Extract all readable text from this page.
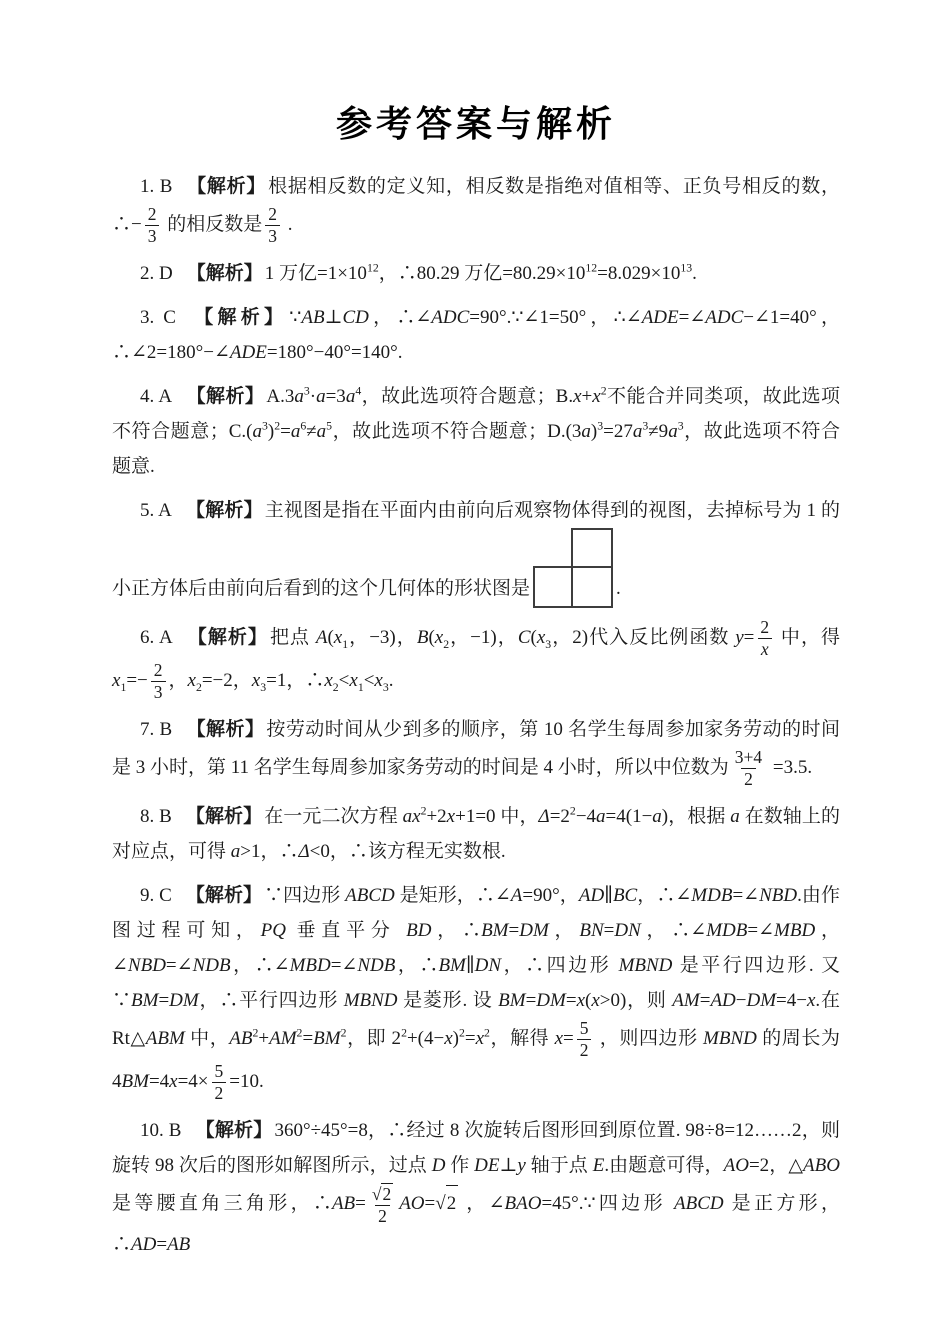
参考答案与解析

1. B 【解析】 根据相反数的定义知，相反数是指绝对值相等、正负号相反的数，∴− $\frac{2}{3}$ 的相反数是 $\frac{2}{3}$ .

2. D 【解析】 1 万亿$=1\times 10^{12}$，∴80.29 万亿$=80.29\times 10^{12}=8.029\times 10^{13}$.

3. C 【解析】 ∵AB⊥CD，∴∠ADC=90°.∵∠1=50°，∴∠ADE=∠ADC−∠1=40°，∴∠2=180°−∠ADE=180°−40°=140°.

4. A 【解析】 $A.3a^3\cdot a=3a^4$，故此选项符合题意；$B.x+x^2$不能合并同类项，故此选项不符合题意；$C.(a^3)^2=a^6\ne a^5$，故此选项不符合题意；$D.(3a)^3=27a^3\ne 9a^3$，故此选项不符合题意.

5. A 【解析】 主视图是指在平面内由前向后观察物体得到的视图，去掉标号为 1 的小正方体后由前向后看到的这个几何体的形状图是	.

6. A 【解析】 把点 $A(x_1$，−3)，$B(x_2$，−1)，$C(x_3$，2)代入反比例函数 $y= \frac{2}{x}$ 中，得 $x_1=- \frac{2}{3}$ ，$x_2=-2$，$x_3=1$，$\therefore x_2<x_1<x_3$.

7. B 【解析】 按劳动时间从少到多的顺序，第 10 名学生每周参加家务劳动的时间是 3 小时，第 11 名学生每周参加家务劳动的时间是 4 小时，所以中位数为 $\frac{3+4}{2} =3.5$.

8. B 【解析】 在一元二次方程 $ax^2+2x+1=0$ 中，$\Delta=2^2-4a=4(1-a)$，根据 a 在数轴上的对应点，可得 a>1，∴Δ<0，∴该方程无实数根.

9. C 【解析】 ∵四边形 ABCD 是矩形，∴∠A=90°，AD∥BC，∴∠MDB=∠NBD.由作图过程可知，PQ 垂直平分 BD，∴BM=DM，BN=DN，∴∠MDB=∠MBD，∠NBD=∠NDB，∴∠MBD=∠NDB，∴BM∥DN，∴四边形 MBND 是平行四边形. 又∵BM=DM，∴平行四边形 MBND 是菱形. 设 BM=DM=x(x>0)，则 AM=AD−DM=4−x.在 Rt△ABM 中，$AB^2+AM^2=BM^2$，即 $2^2+(4-x)^2=x^2$，解得 $x= \frac{5}{2}$ ，则四边形 MBND 的周长为 $4BM=4x=4\times \frac{5}{2} =10$.

10. B 【解析】 360°÷45°=8，∴经过 8 次旋转后图形回到原位置. 98÷8=12……2，则旋转 98 次后的图形如解图所示，过点 D 作 DE⊥y 轴于点 E.由题意可得，AO=2，△ABO 是等腰直角三角形，∴AB= $\frac{√2}{2} AO=√2$ ，∠BAO=45°.∵四边形 ABCD 是正方形，∴AD=AB
